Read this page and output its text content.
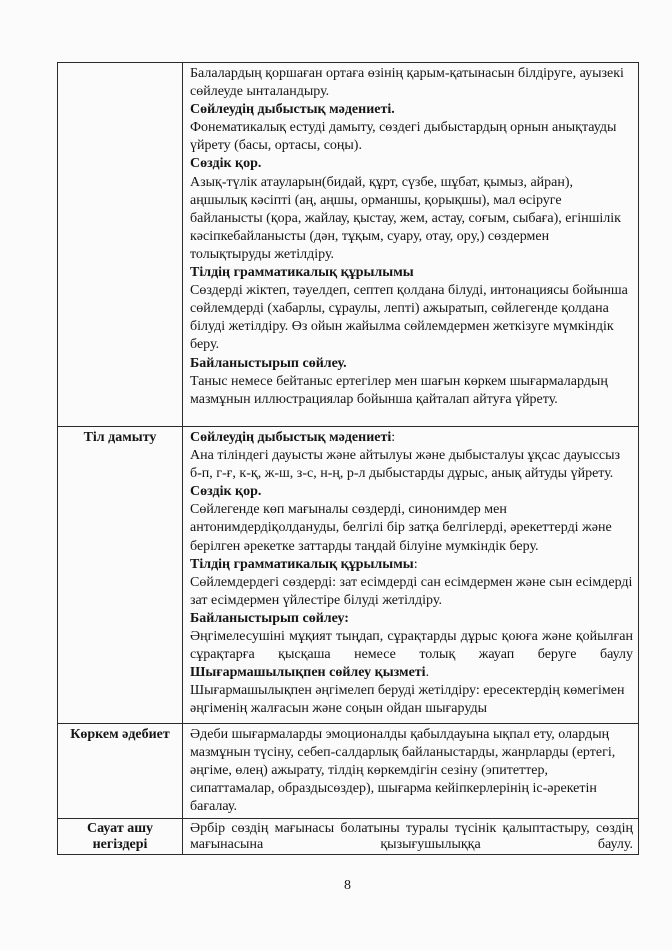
Балалардың қоршаған ортаға өзінің қарым-қатынасын білдіруге, ауызекі сөйлеуде ынталандыру.

Сөйлеудің дыбыстық мәдениеті.

Фонематикалық естуді дамыту, сөздегі дыбыстардың орнын анықтауды үйрету (басы, ортасы, соңы).

Сөздік қор.

Азық-түлік атауларын(бидай, құрт, сүзбе, шұбат, қымыз, айран), аңшылық кәсіпті (аң, аңшы, орманшы, қорықшы), мал өсіруге байланысты (қора, жайлау, қыстау, жем, астау, соғым, сыбаға), егіншілік кәсіпкебайланысты (дән, тұқым, суару, отау, ору,) сөздермен толықтыруды жетілдіру.

Тілдің грамматикалық құрылымы

Сөздерді жіктеп, тәуелдеп, септеп қолдана білуді, интонациясы бойынша сөйлемдерді (хабарлы, сұраулы, лепті) ажыратып, сөйлегенде қолдана білуді жетілдіру. Өз ойын жайылма сөйлемдермен жеткізуге мүмкіндік беру.

Байланыстырып сөйлеу.

Таныс немесе бейтаныс ертегілер мен шағын көркем шығармалардың мазмұнын иллюстрациялар бойынша қайталап айтуға үйрету.

Тіл дамыту	Сөйлеудің дыбыстық мәдениеті:

Ана тіліндегі дауысты және айтылуы және дыбысталуы ұқсас дауыссыз б-п, г-ғ, к-қ, ж-ш, з-с, н-ң, р-л дыбыстарды дұрыс, анық айтуды үйрету.

Сөздік қор.

Сөйлегенде көп мағыналы сөздерді, синонимдер мен антонимдердіқолдануды, белгілі бір затқа белгілерді, әрекеттерді және берілген әрекетке заттарды таңдай білуіне мумкіндік беру.

Тілдің грамматикалық құрылымы:

Сөйлемдердегі сөздерді: зат есімдерді сан есімдермен және сын есімдерді зат есімдермен үйлестіре білуді жетілдіру.

Байланыстырып сөйлеу:

Әңгімелесушіні мұқият тыңдап, сұрақтарды дұрыс қоюға және қойылған сұрақтарға қысқаша немесе толық жауап беруге баулу

Шығармашылықпен сөйлеу қызметі.

Шығармашылықпен әңгімелеп беруді жетілдіру: ересектердің көмегімен әңгіменің жалғасын және соңын ойдан шығаруды

Көркем әдебиет	Әдеби шығармаларды эмоционалды қабылдауына ықпал ету, олардың мазмұнын түсіну, себеп-салдарлық байланыстарды, жанрларды (ертегі, әңгіме, өлең) ажырату, тілдің көркемдігін сезіну (эпитеттер, сипаттамалар, образдысөздер), шығарма кейіпкерлерінің іс-әрекетін бағалау.

Сауат ашу негіздері	Әрбір сөздің мағынасы болатыны туралы түсінік қалыптастыру, сөздің мағынасына қызығушылыққа баулу.

8
